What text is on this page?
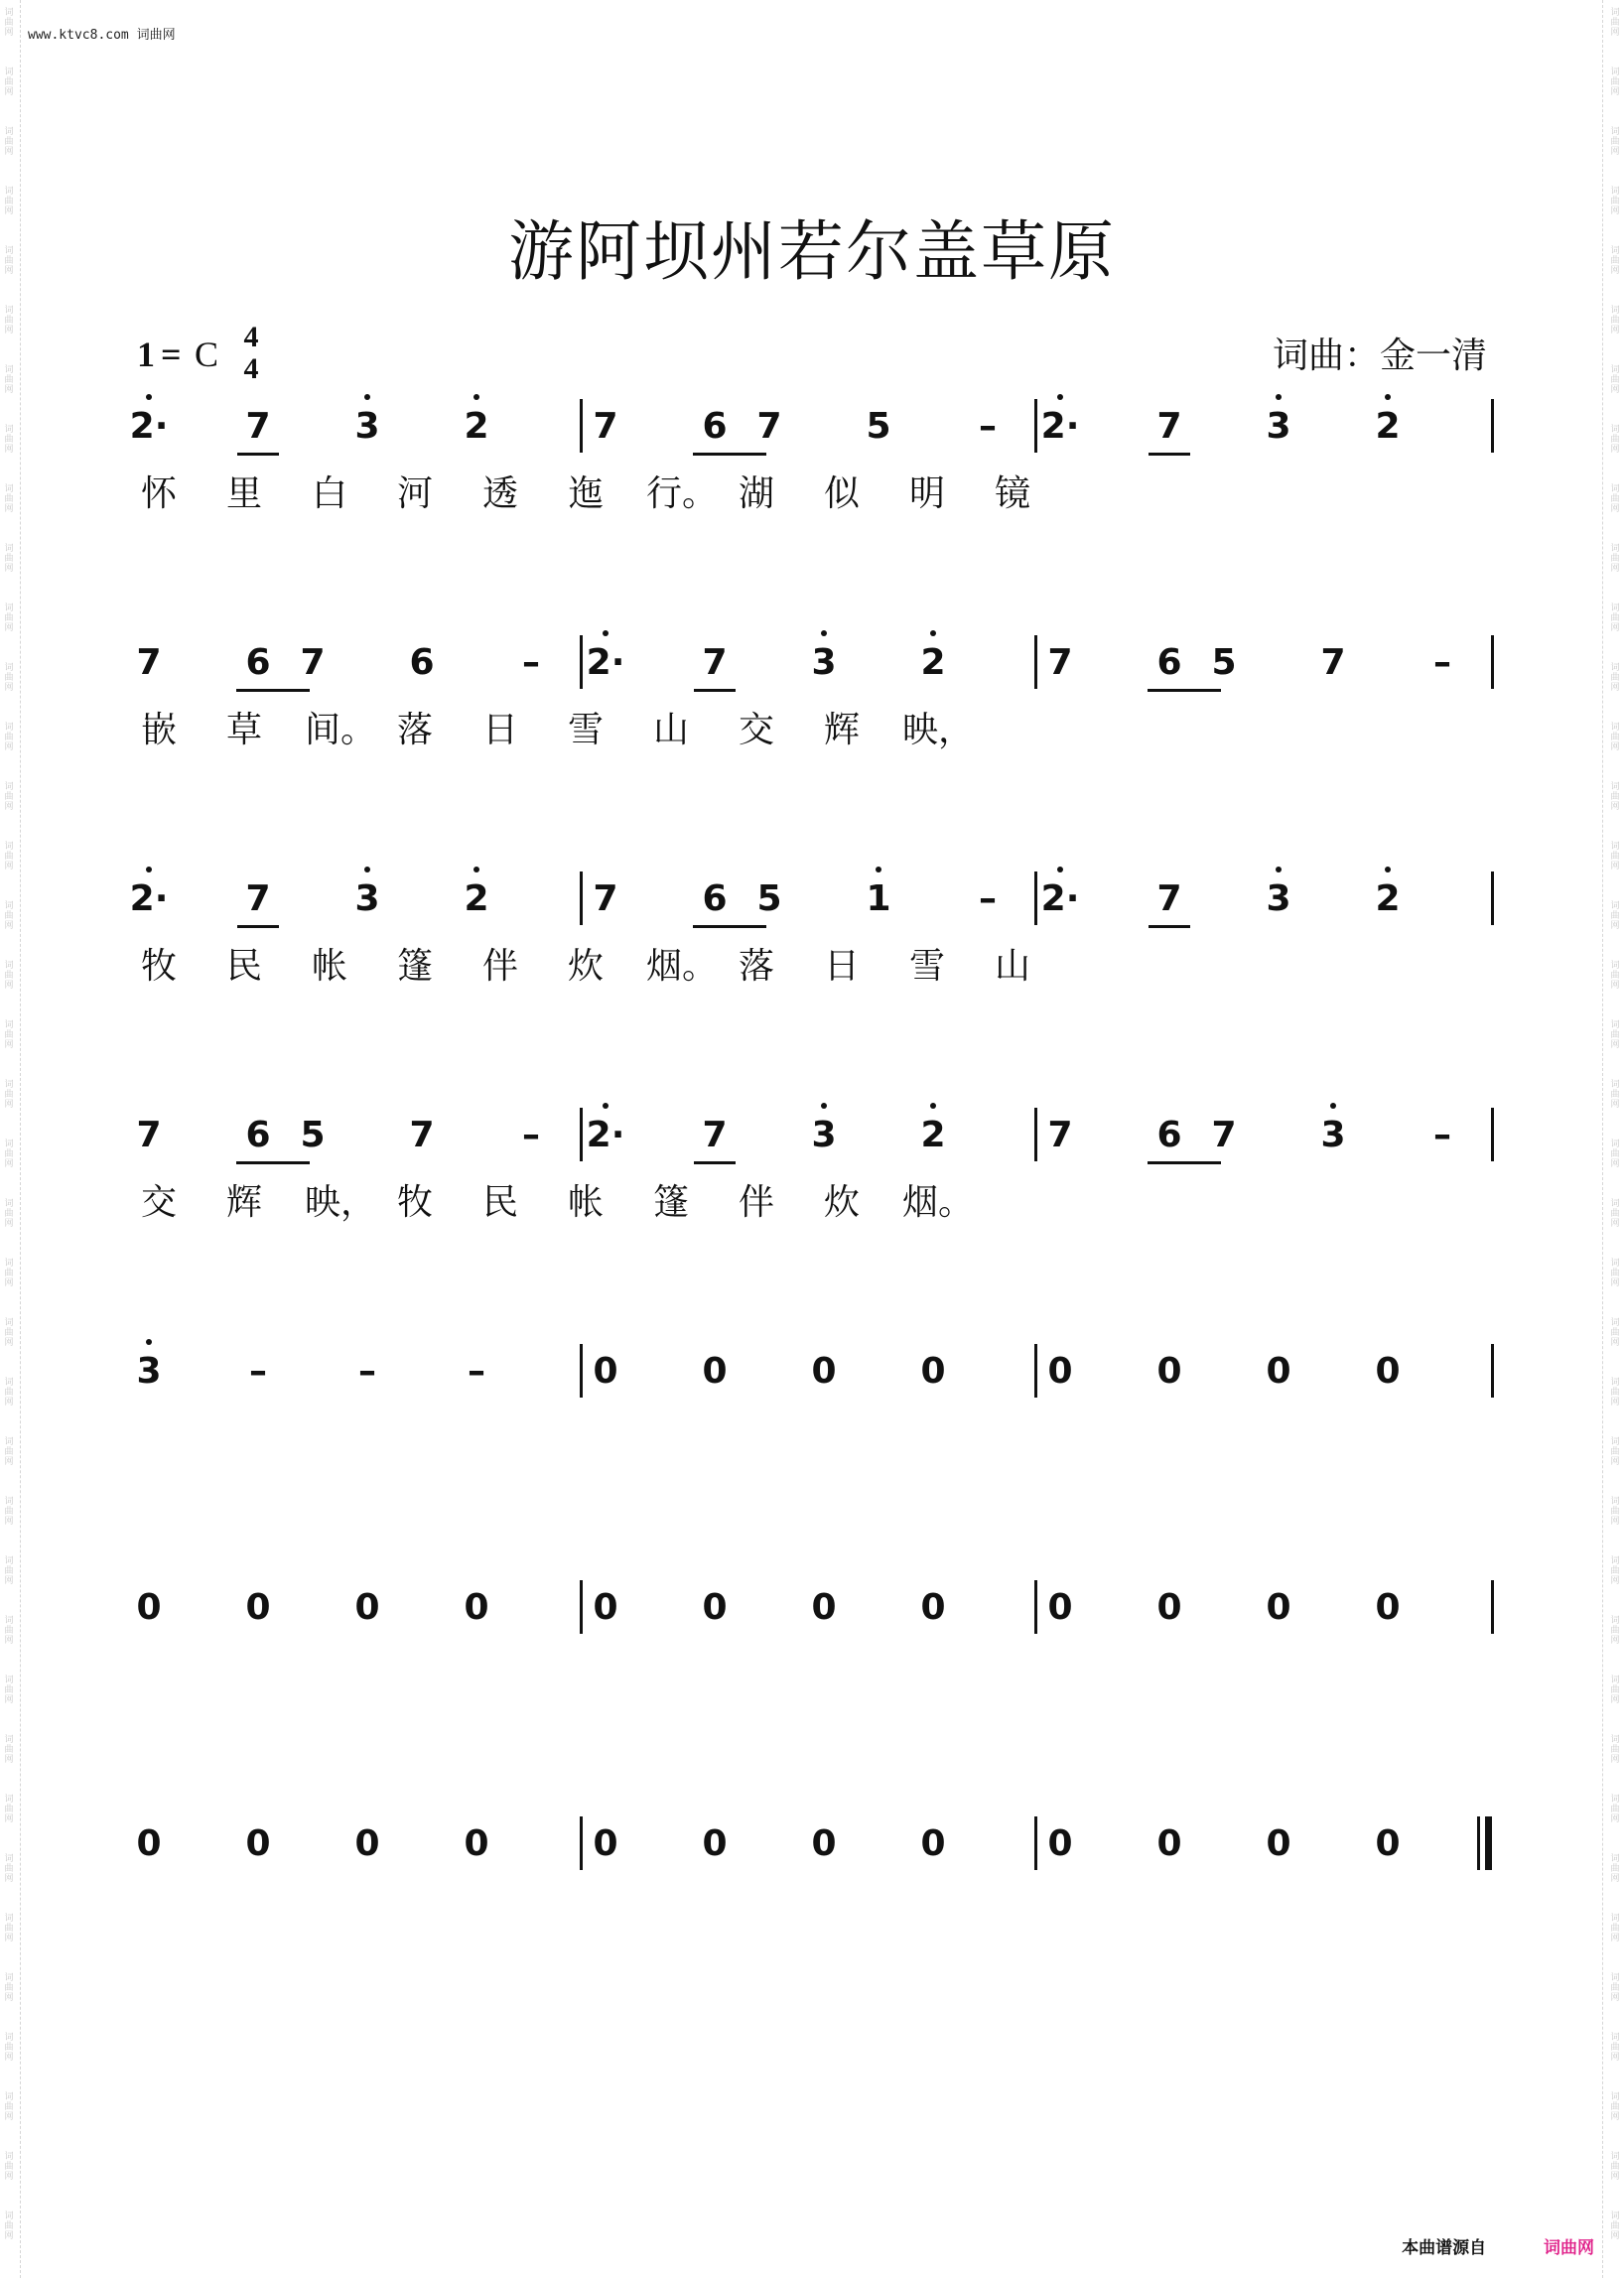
词
曲
网
词
曲
网
词
曲
网
词
曲
网
词
曲
网
词
曲
网
词
曲
网
词
曲
网
词
曲
网
词
曲
网
词
曲
网
词
曲
网
词
曲
网
词
曲
网
词
曲
网
词
曲
网
词
曲
网
词
曲
网
词
曲
网
词
曲
网
词
曲
网
词
曲
网
词
曲
网
词
曲
网
词
曲
网
词
曲
网
词
曲
网
词
曲
网
词
曲
网
词
曲
网
词
曲
网
词
曲
网
词
曲
网
词
曲
网
词
曲
网
词
曲
网
词
曲
网
词
曲
网
词
曲
网
词
曲
网
词
曲
网
词
曲
网
词
曲
网
词
曲
网
词
曲
网
词
曲
网
词
曲
网
词
曲
网
词
曲
网
词
曲
网
词
曲
网
词
曲
网
词
曲
网
词
曲
网
词
曲
网
词
曲
网
词
曲
网
词
曲
网
词
曲
网
词
曲
网
词
曲
网
词
曲
网
词
曲
网
词
曲
网
词
曲
网
词
曲
网
词
曲
网
词
曲
网
词
曲
网
词
曲
网
词
曲
网
词
曲
网
词
曲
网
词
曲
网
词
曲
网
词
曲
网
www.ktvc8.com 词曲网
游阿坝州若尔盖草原
1 = C 4
4	词曲：金一清
2·	7	3	2	7	6 7	5	–	2·	7	3	2
怀 里 白 河 透 迤 行。 湖 似 明 镜
7	6 7	6	–	2·	7	3	2	7	6 5	7	–
嵌 草 间。 落 日 雪 山 交 辉 映，
2·	7	3	2	7	6 5	1	–	2·	7	3	2
牧 民 帐 篷 伴 炊 烟。 落 日 雪 山
7	6 5	7	–	2·	7	3	2	7	6 7	3	–
交 辉 映， 牧 民 帐 篷 伴 炊 烟。
3	–	–	–	0	0	0	0	0	0	0	0
0	0	0	0	0	0	0	0	0	0	0	0
0	0	0	0	0	0	0	0	0	0	0	0
本曲谱源自	词曲网
